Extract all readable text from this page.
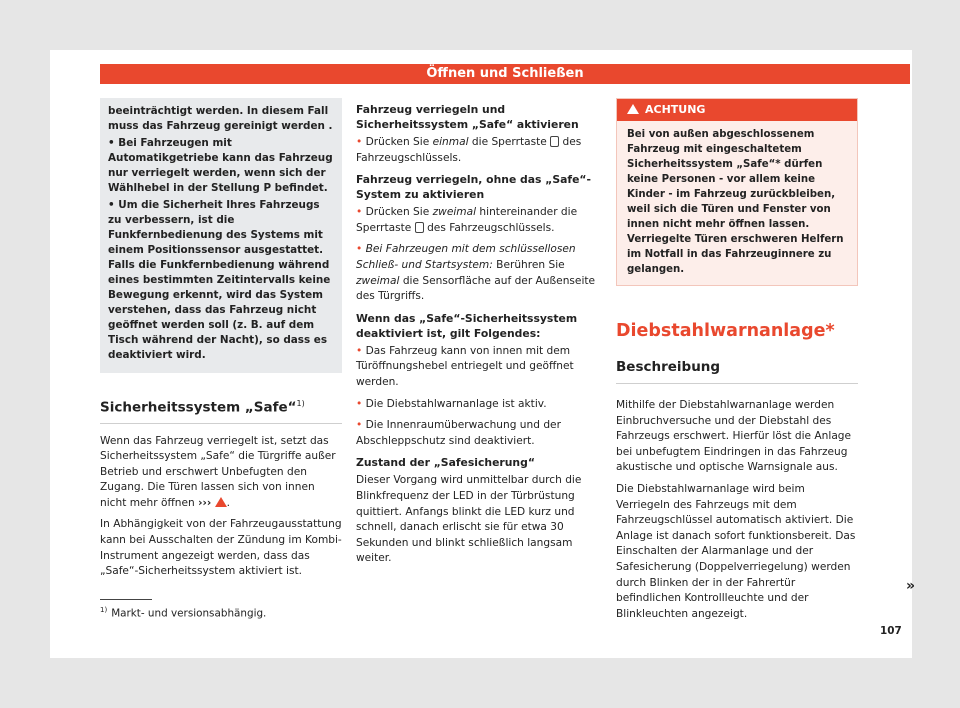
Öffnen und Schließen

beeinträchtigt werden. In diesem Fall muss das Fahrzeug gereinigt werden .

• Bei Fahrzeugen mit Automatikgetriebe kann das Fahrzeug nur verriegelt werden, wenn sich der Wählhebel in der Stellung P befindet.

• Um die Sicherheit Ihres Fahrzeugs zu verbessern, ist die Funkfernbedienung des Systems mit einem Positionssensor ausgestattet. Falls die Funkfernbedienung während eines bestimmten Zeitintervalls keine Bewegung erkennt, wird das System verstehen, dass das Fahrzeug nicht geöffnet werden soll (z. B. auf dem Tisch während der Nacht), so dass es deaktiviert wird.

Sicherheitssystem „Safe“$^{1)}$

Wenn das Fahrzeug verriegelt ist, setzt das Sicherheitssystem „Safe“ die Türgriffe außer Betrieb und erschwert Unbefugten den Zugang. Die Türen lassen sich von innen nicht mehr öffnen ››› .

In Abhängigkeit von der Fahrzeugausstattung kann bei Ausschalten der Zündung im Kombi-Instrument angezeigt werden, dass das „Safe“-Sicherheitssystem aktiviert ist.

Fahrzeug verriegeln und Sicherheitssystem „Safe“ aktivieren

• Drücken Sie einmal die Sperrtaste  des Fahrzeugschlüssels.

Fahrzeug verriegeln, ohne das „Safe“-System zu aktivieren

• Drücken Sie zweimal hintereinander die Sperrtaste  des Fahrzeugschlüssels.

• Bei Fahrzeugen mit dem schlüssellosen Schließ- und Startsystem: Berühren Sie zweimal die Sensorfläche auf der Außenseite des Türgriffs.

Wenn das „Safe“-Sicherheitssystem deaktiviert ist, gilt Folgendes:

• Das Fahrzeug kann von innen mit dem Türöffnungshebel entriegelt und geöffnet werden.

• Die Diebstahlwarnanlage ist aktiv.

• Die Innenraumüberwachung und der Abschleppschutz sind deaktiviert.

Zustand der „Safesicherung“

Dieser Vorgang wird unmittelbar durch die Blinkfrequenz der LED in der Türbrüstung quittiert. Anfangs blinkt die LED kurz und schnell, danach erlischt sie für etwa 30 Sekunden und blinkt schließlich langsam weiter.

ACHTUNG
Bei von außen abgeschlossenem Fahrzeug mit eingeschaltetem Sicherheitssystem „Safe“* dürfen keine Personen - vor allem keine Kinder - im Fahrzeug zurückbleiben, weil sich die Türen und Fenster von innen nicht mehr öffnen lassen. Verriegelte Türen erschweren Helfern im Notfall in das Fahrzeuginnere zu gelangen.
Diebstahlwarnanlage*
Beschreibung

Mithilfe der Diebstahlwarnanlage werden Einbruchversuche und der Diebstahl des Fahrzeugs erschwert. Hierfür löst die Anlage bei unbefugtem Eindringen in das Fahrzeug akustische und optische Warnsignale aus.

Die Diebstahlwarnanlage wird beim Verriegeln des Fahrzeugs mit dem Fahrzeugschlüssel automatisch aktiviert. Die Anlage ist danach sofort funktionsbereit. Das Einschalten der Alarmanlage und der Safesicherung (Doppelverriegelung) werden durch Blinken der in der Fahrertür befindlichen Kontrollleuchte und der Blinkleuchten angezeigt.

»
$^{1)}$ Markt- und versionsabhängig.
107
